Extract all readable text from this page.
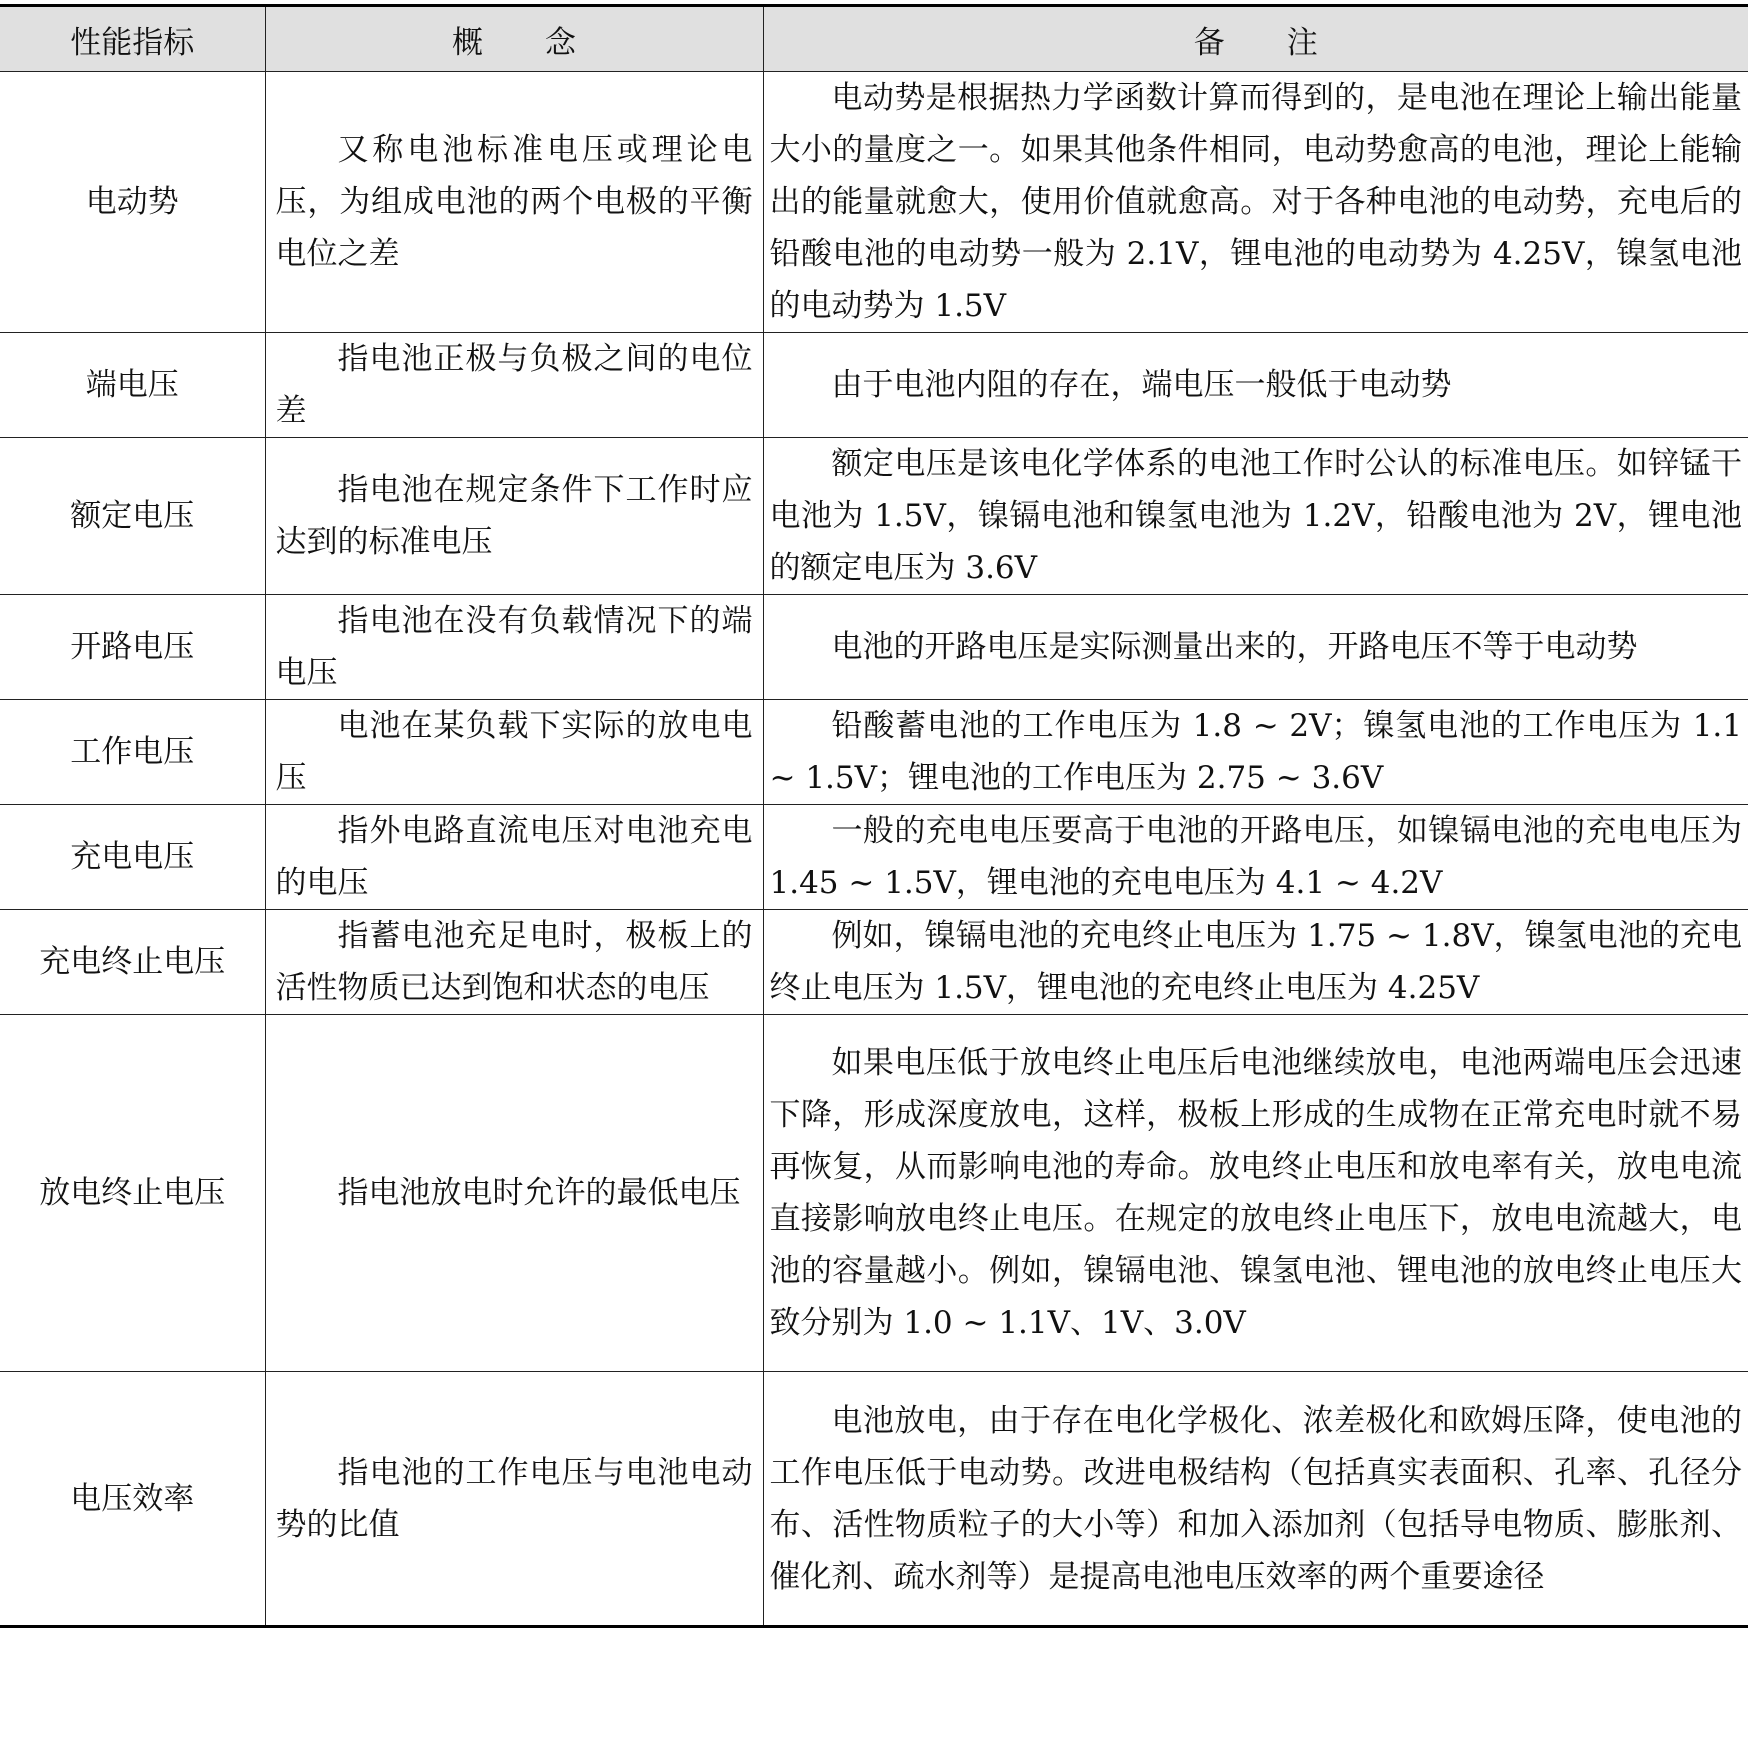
性能指标	概　　念	备　　注
电动势	又称电池标准电压或理论电压，为组成电池的两个电极的平衡电位之差	电动势是根据热力学函数计算而得到的，是电池在理论上输出能量大小的量度之一。如果其他条件相同，电动势愈高的电池，理论上能输出的能量就愈大，使用价值就愈高。对于各种电池的电动势，充电后的铅酸电池的电动势一般为 2.1V，锂电池的电动势为 4.25V，镍氢电池的电动势为 1.5V

端电压	指电池正极与负极之间的电位差	由于电池内阻的存在，端电压一般低于电动势

额定电压	指电池在规定条件下工作时应达到的标准电压	额定电压是该电化学体系的电池工作时公认的标准电压。如锌锰干电池为 1.5V，镍镉电池和镍氢电池为 1.2V，铅酸电池为 2V，锂电池的额定电压为 3.6V

开路电压	指电池在没有负载情况下的端电压	电池的开路电压是实际测量出来的，开路电压不等于电动势

工作电压	电池在某负载下实际的放电电压	铅酸蓄电池的工作电压为 1.8 ~ 2V；镍氢电池的工作电压为 1.1 ~ 1.5V；锂电池的工作电压为 2.75 ~ 3.6V

充电电压	指外电路直流电压对电池充电的电压	一般的充电电压要高于电池的开路电压，如镍镉电池的充电电压为 1.45 ~ 1.5V，锂电池的充电电压为 4.1 ~ 4.2V

充电终止电压	指蓄电池充足电时，极板上的活性物质已达到饱和状态的电压	例如，镍镉电池的充电终止电压为 1.75 ~ 1.8V，镍氢电池的充电终止电压为 1.5V，锂电池的充电终止电压为 4.25V

放电终止电压	指电池放电时允许的最低电压	如果电压低于放电终止电压后电池继续放电，电池两端电压会迅速下降，形成深度放电，这样，极板上形成的生成物在正常充电时就不易再恢复，从而影响电池的寿命。放电终止电压和放电率有关，放电电流直接影响放电终止电压。在规定的放电终止电压下，放电电流越大，电池的容量越小。例如，镍镉电池、镍氢电池、锂电池的放电终止电压大致分别为 1.0 ~ 1.1V、1V、3.0V

电压效率	指电池的工作电压与电池电动势的比值	电池放电，由于存在电化学极化、浓差极化和欧姆压降，使电池的工作电压低于电动势。改进电极结构（包括真实表面积、孔率、孔径分布、活性物质粒子的大小等）和加入添加剂（包括导电物质、膨胀剂、催化剂、疏水剂等）是提高电池电压效率的两个重要途径
